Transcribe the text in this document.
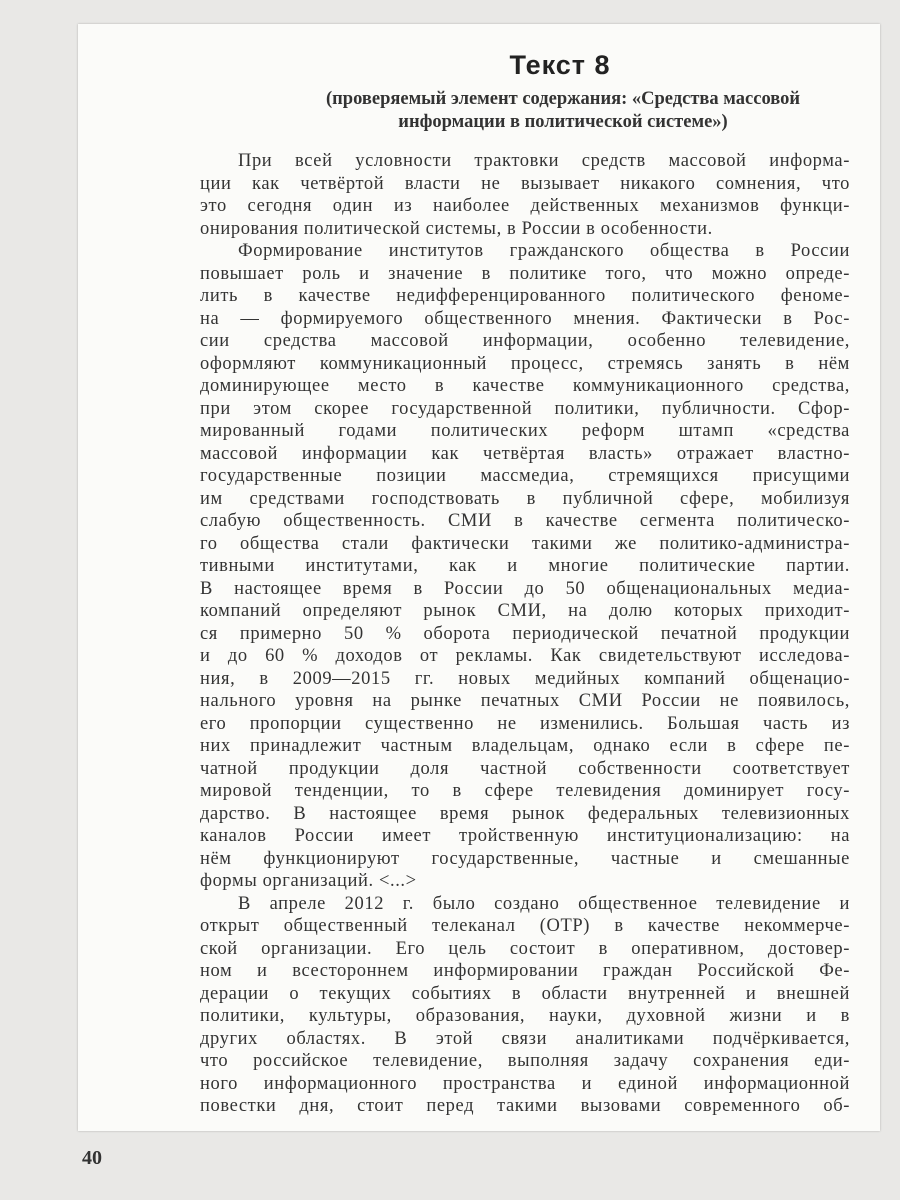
Текст 8
(проверяемый элемент содержания: «Средства массовой
информации в политической системе»)
При всей условности трактовки средств массовой информа-
ции как четвёртой власти не вызывает никакого сомнения, что
это сегодня один из наиболее действенных механизмов функци-
онирования политической системы, в России в особенности.
Формирование институтов гражданского общества в России
повышает роль и значение в политике того, что можно опреде-
лить в качестве недифференцированного политического феноме-
на — формируемого общественного мнения. Фактически в Рос-
сии средства массовой информации, особенно телевидение,
оформляют коммуникационный процесс, стремясь занять в нём
доминирующее место в качестве коммуникационного средства,
при этом скорее государственной политики, публичности. Сфор-
мированный годами политических реформ штамп «средства
массовой информации как четвёртая власть» отражает властно-
государственные позиции массмедиа, стремящихся присущими
им средствами господствовать в публичной сфере, мобилизуя
слабую общественность. СМИ в качестве сегмента политическо-
го общества стали фактически такими же политико-администра-
тивными институтами, как и многие политические партии.
В настоящее время в России до 50 общенациональных медиа-
компаний определяют рынок СМИ, на долю которых приходит-
ся примерно 50 % оборота периодической печатной продукции
и до 60 % доходов от рекламы. Как свидетельствуют исследова-
ния, в 2009—2015 гг. новых медийных компаний общенацио-
нального уровня на рынке печатных СМИ России не появилось,
его пропорции существенно не изменились. Большая часть из
них принадлежит частным владельцам, однако если в сфере пе-
чатной продукции доля частной собственности соответствует
мировой тенденции, то в сфере телевидения доминирует госу-
дарство. В настоящее время рынок федеральных телевизионных
каналов России имеет тройственную институционализацию: на
нём функционируют государственные, частные и смешанные
формы организаций. <...>
В апреле 2012 г. было создано общественное телевидение и
открыт общественный телеканал (ОТР) в качестве некоммерче-
ской организации. Его цель состоит в оперативном, достовер-
ном и всестороннем информировании граждан Российской Фе-
дерации о текущих событиях в области внутренней и внешней
политики, культуры, образования, науки, духовной жизни и в
других областях. В этой связи аналитиками подчёркивается,
что российское телевидение, выполняя задачу сохранения еди-
ного информационного пространства и единой информационной
повестки дня, стоит перед такими вызовами современного об-
40
